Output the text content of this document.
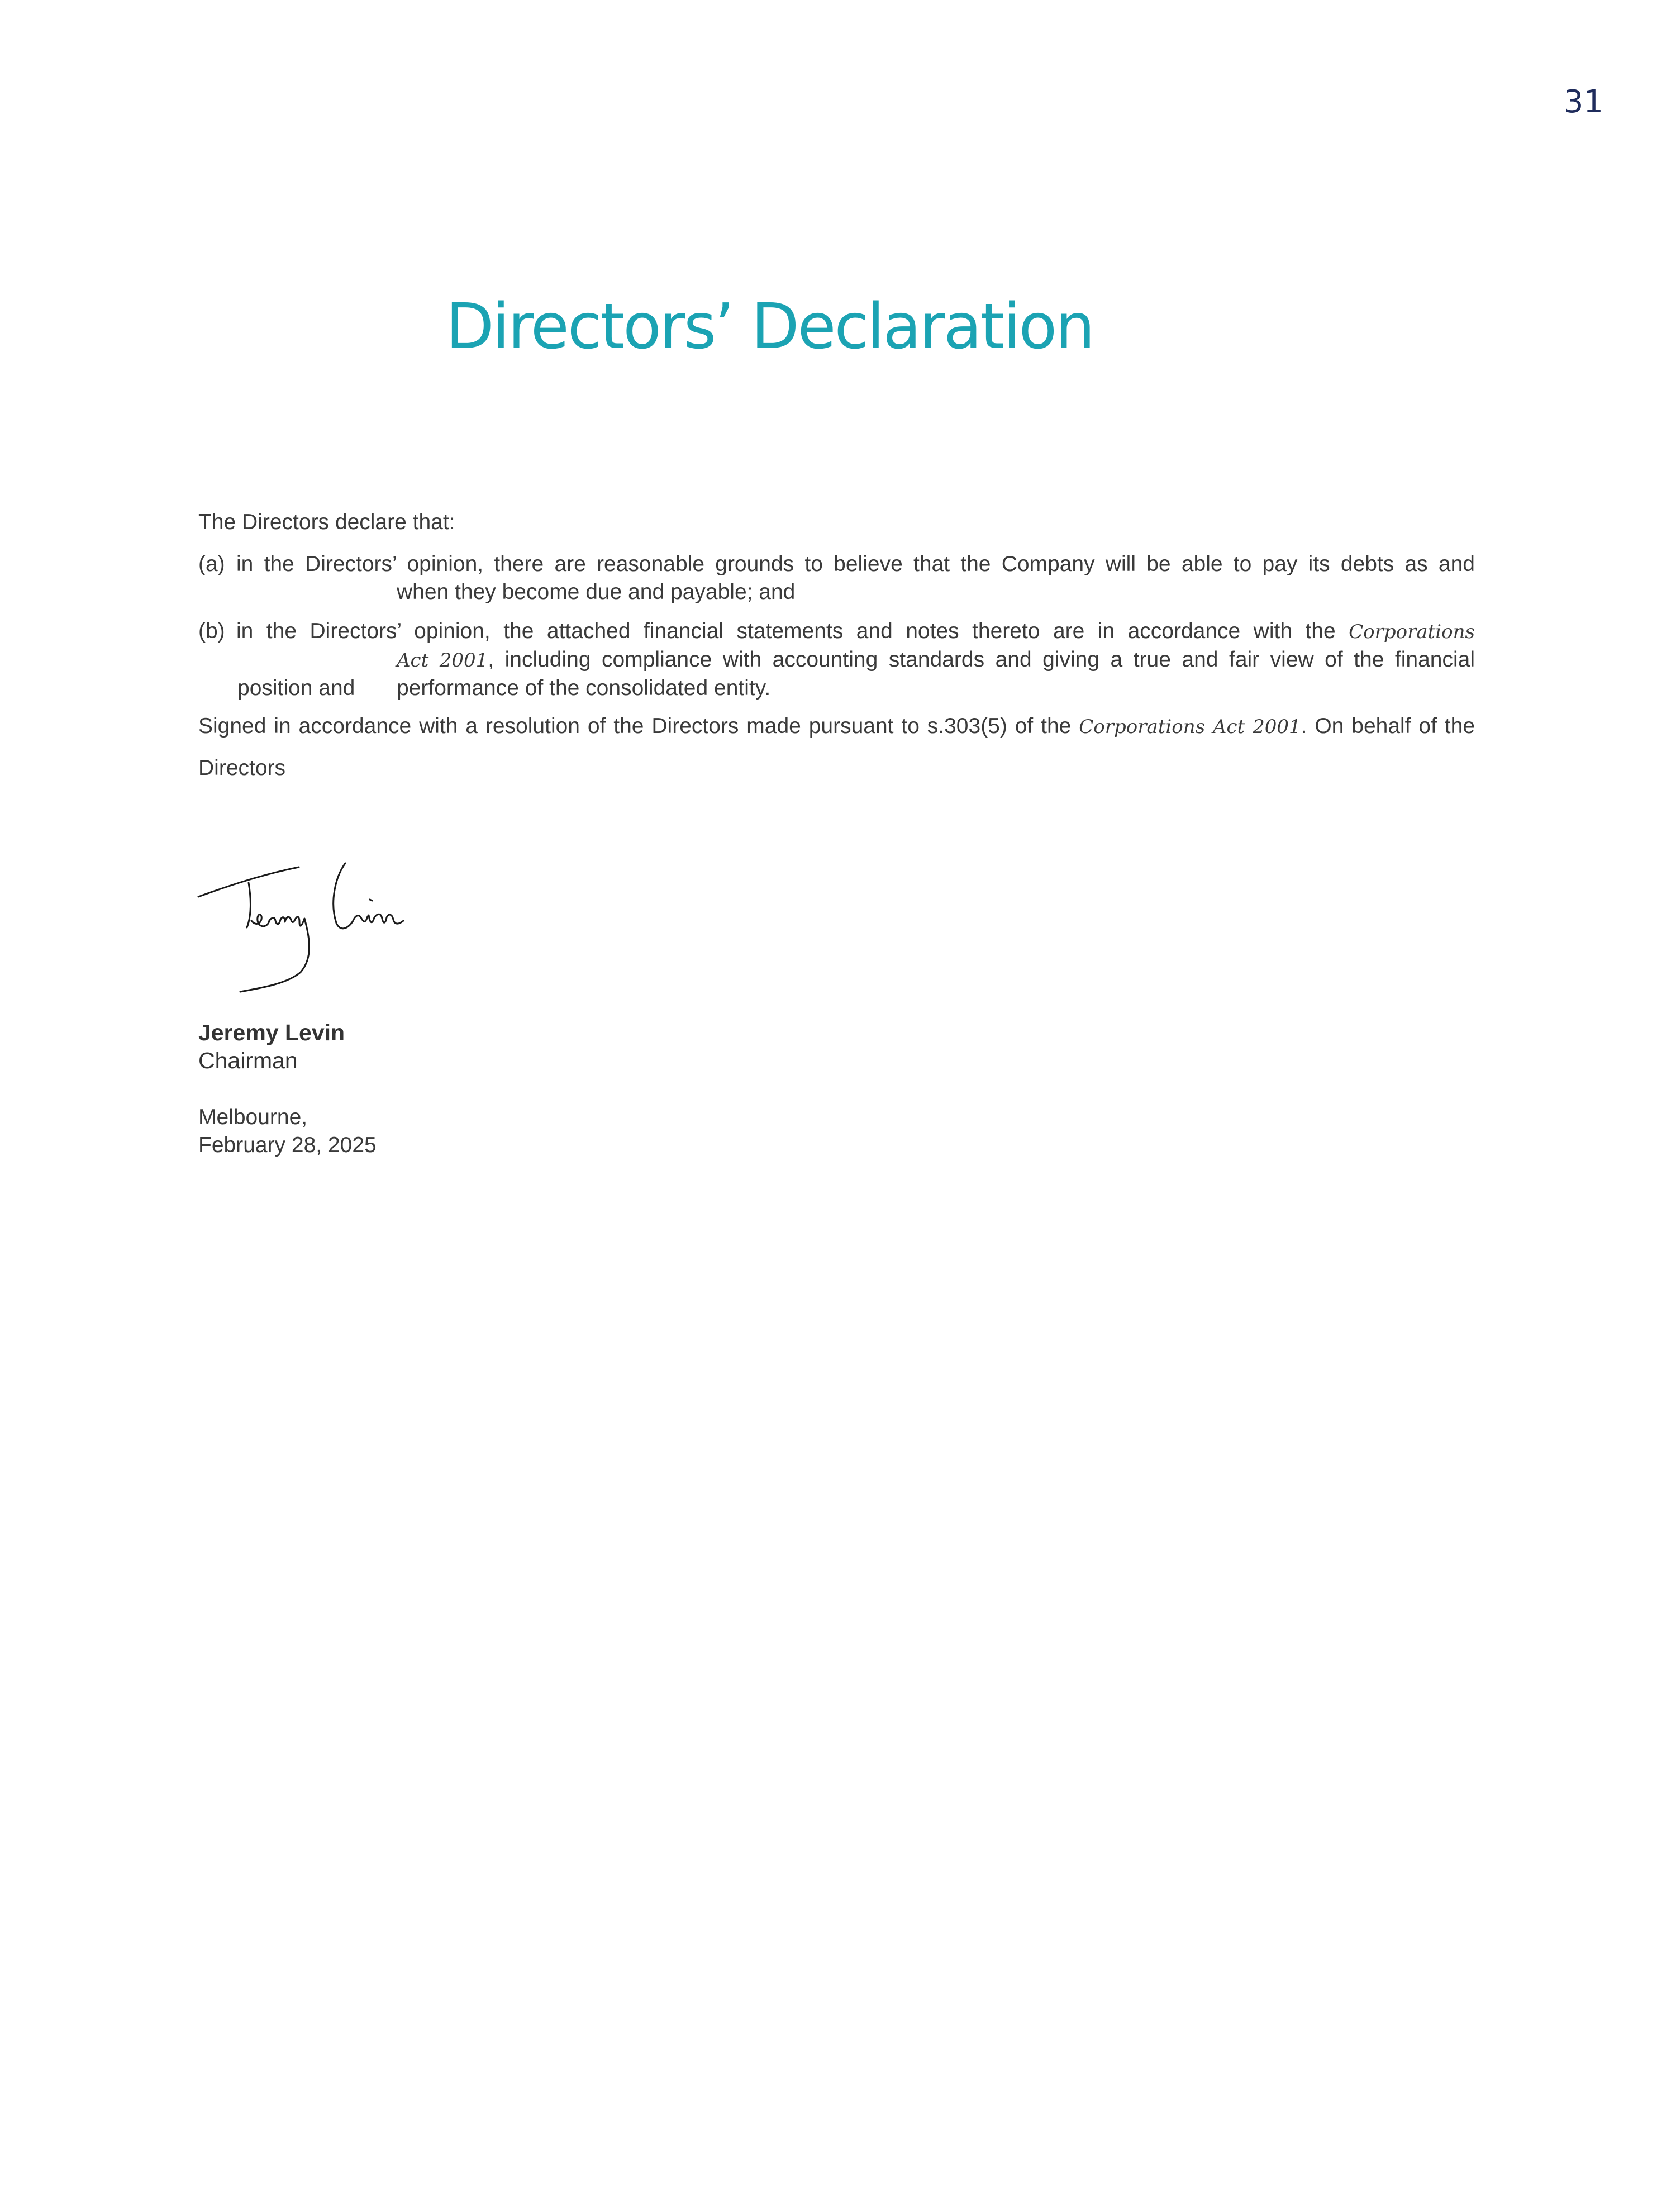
31
Directors’ Declaration
The Directors declare that:
(a) in the Directors’ opinion, there are reasonable grounds to believe that the Company will be able to pay its debts as and
when they become due and payable; and
(b) in the Directors’ opinion, the attached financial statements and notes thereto are in accordance with the Corporations
Act 2001, including compliance with accounting standards and giving a true and fair view of the financial
position and performance of the consolidated entity.
Signed in accordance with a resolution of the Directors made pursuant to s.303(5) of the Corporations Act 2001. On behalf of the
Directors
Jeremy Levin
Chairman
Melbourne,
February 28, 2025
